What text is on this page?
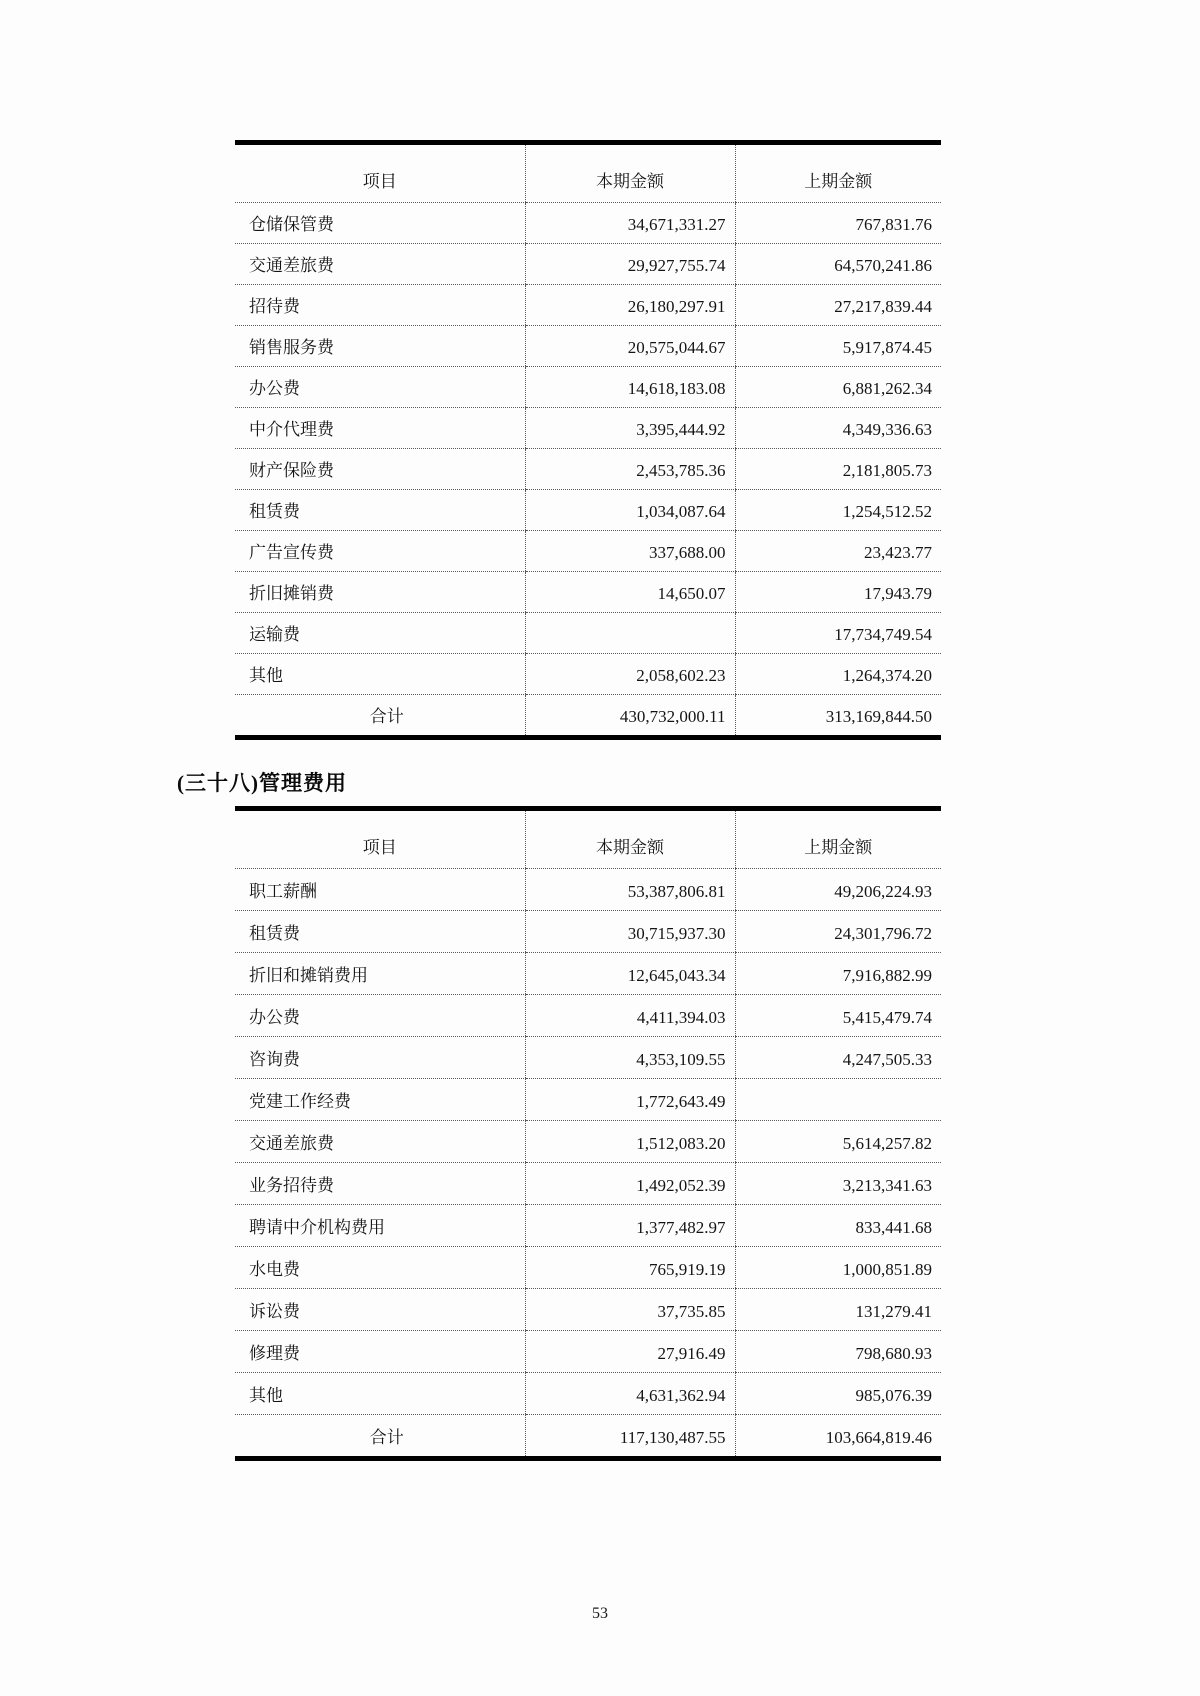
项目	本期金额	上期金额
仓储保管费	34,671,331.27	767,831.76
交通差旅费	29,927,755.74	64,570,241.86
招待费	26,180,297.91	27,217,839.44
销售服务费	20,575,044.67	5,917,874.45
办公费	14,618,183.08	6,881,262.34
中介代理费	3,395,444.92	4,349,336.63
财产保险费	2,453,785.36	2,181,805.73
租赁费	1,034,087.64	1,254,512.52
广告宣传费	337,688.00	23,423.77
折旧摊销费	14,650.07	17,943.79
运输费		17,734,749.54
其他	2,058,602.23	1,264,374.20
合计	430,732,000.11	313,169,844.50
(三十八)管理费用
项目	本期金额	上期金额
职工薪酬	53,387,806.81	49,206,224.93
租赁费	30,715,937.30	24,301,796.72
折旧和摊销费用	12,645,043.34	7,916,882.99
办公费	4,411,394.03	5,415,479.74
咨询费	4,353,109.55	4,247,505.33
党建工作经费	1,772,643.49	
交通差旅费	1,512,083.20	5,614,257.82
业务招待费	1,492,052.39	3,213,341.63
聘请中介机构费用	1,377,482.97	833,441.68
水电费	765,919.19	1,000,851.89
诉讼费	37,735.85	131,279.41
修理费	27,916.49	798,680.93
其他	4,631,362.94	985,076.39
合计	117,130,487.55	103,664,819.46
53
